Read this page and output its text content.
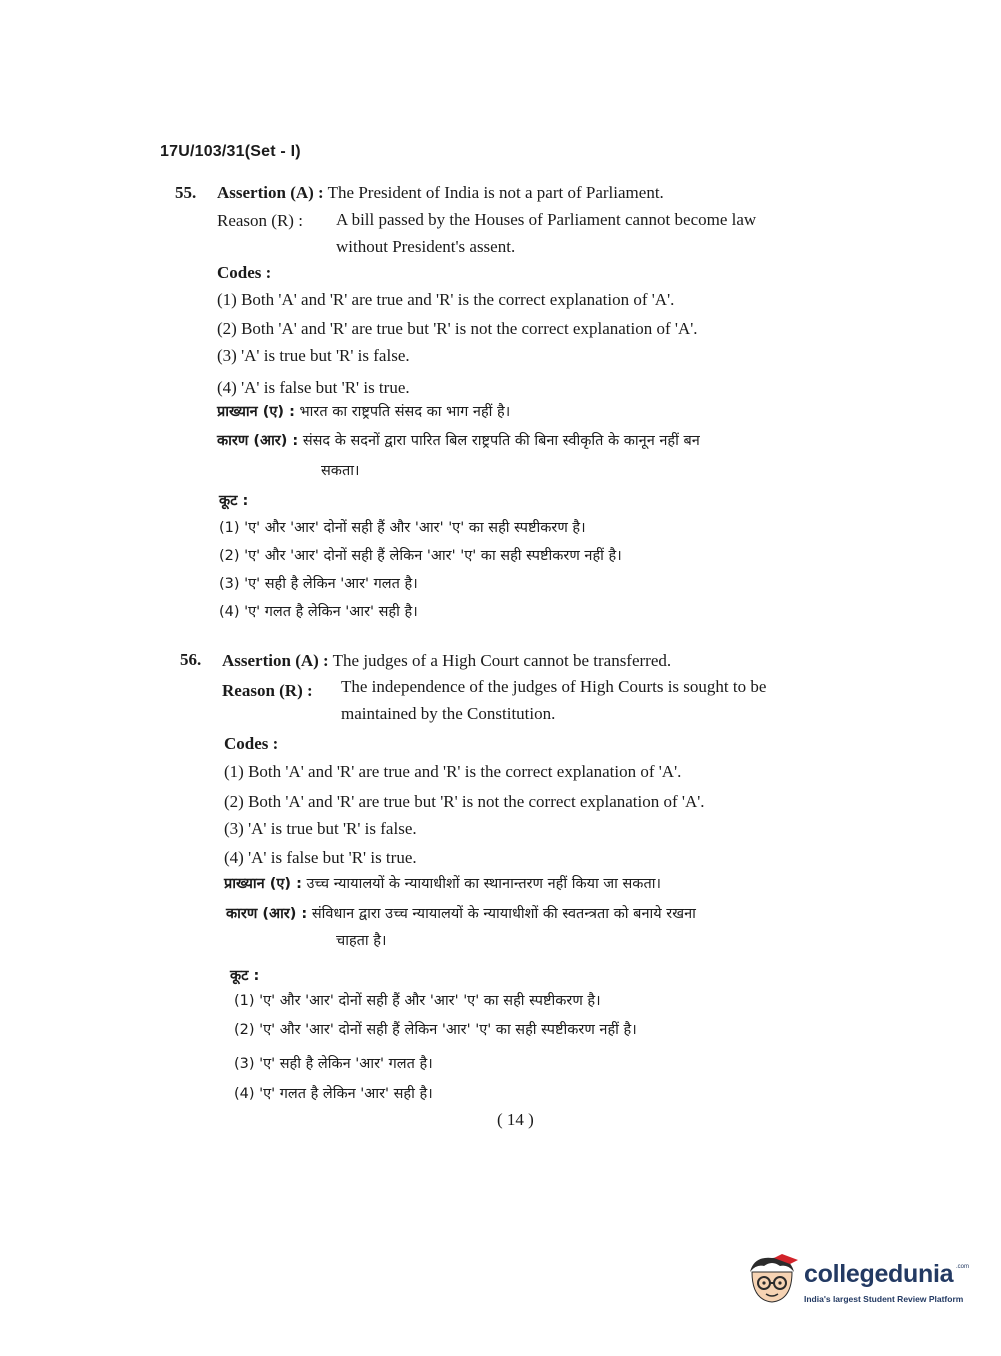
17U/103/31(Set - I)
55. Assertion (A) : The President of India is not a part of Parliament.
Reason (R) : A bill passed by the Houses of Parliament cannot become law
without President's assent.
Codes :
(1) Both 'A' and 'R' are true and 'R' is the correct explanation of 'A'.
(2) Both 'A' and 'R' are true but 'R' is not the correct explanation of 'A'.
(3) 'A' is true but 'R' is false.
(4) 'A' is false but 'R' is true.
प्राख्यान (ए) : भारत का राष्ट्रपति संसद का भाग नहीं है।
कारण (आर) : संसद के सदनों द्वारा पारित बिल राष्ट्रपति की बिना स्वीकृति के कानून नहीं बन
सकता।
कूट :
(1) 'ए' और 'आर' दोनों सही हैं और 'आर' 'ए' का सही स्पष्टीकरण है।
(2) 'ए' और 'आर' दोनों सही हैं लेकिन 'आर' 'ए' का सही स्पष्टीकरण नहीं है।
(3) 'ए' सही है लेकिन 'आर' गलत है।
(4) 'ए' गलत है लेकिन 'आर' सही है।
56. Assertion (A) : The judges of a High Court cannot be transferred.
Reason (R) : The independence of the judges of High Courts is sought to be
maintained by the Constitution.
Codes :
(1) Both 'A' and 'R' are true and 'R' is the correct explanation of 'A'.
(2) Both 'A' and 'R' are true but 'R' is not the correct explanation of 'A'.
(3) 'A' is true but 'R' is false.
(4) 'A' is false but 'R' is true.
प्राख्यान (ए) : उच्च न्यायालयों के न्यायाधीशों का स्थानान्तरण नहीं किया जा सकता।
कारण (आर) : संविधान द्वारा उच्च न्यायालयों के न्यायाधीशों की स्वतन्त्रता को बनाये रखना
चाहता है।
कूट :
(1) 'ए' और 'आर' दोनों सही हैं और 'आर' 'ए' का सही स्पष्टीकरण है।
(2) 'ए' और 'आर' दोनों सही हैं लेकिन 'आर' 'ए' का सही स्पष्टीकरण नहीं है।
(3) 'ए' सही है लेकिन 'आर' गलत है।
(4) 'ए' गलत है लेकिन 'आर' सही है।
( 14 )
collegedunia .com
India's largest Student Review Platform
